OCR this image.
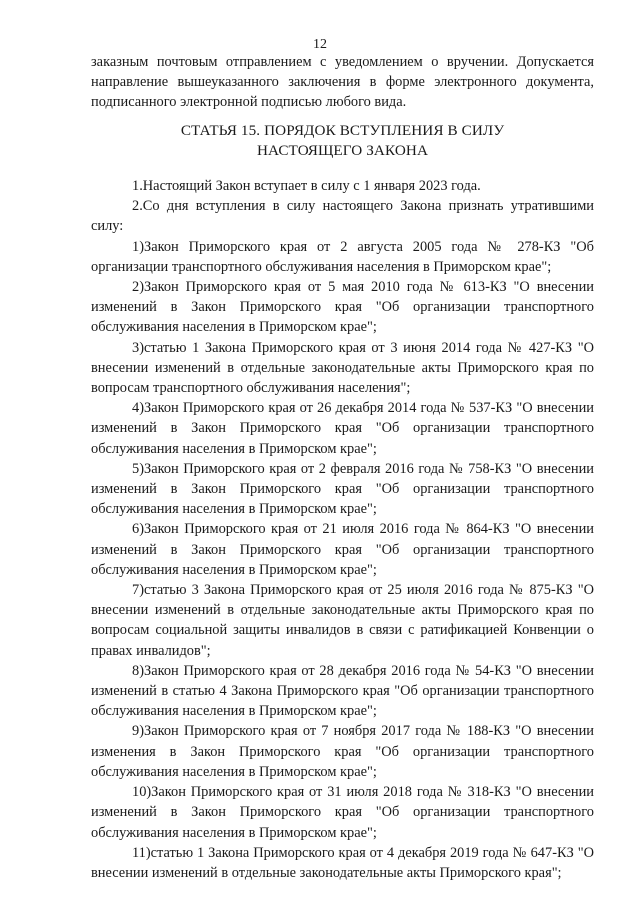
12
заказным почтовым отправлением с уведомлением о вручении. Допускается направление вышеуказанного заключения в форме электронного документа, подписанного электронной подписью любого вида.
СТАТЬЯ 15. ПОРЯДОК ВСТУПЛЕНИЯ В СИЛУ
НАСТОЯЩЕГО ЗАКОНА

1.Настоящий Закон вступает в силу с 1 января 2023 года.

2.Со дня вступления в силу настоящего Закона признать утратившими силу:

1)Закон Приморского края от 2 августа 2005 года № 278-КЗ "Об организации транспортного обслуживания населения в Приморском крае";

2)Закон Приморского края от 5 мая 2010 года № 613-КЗ "О внесении изменений в Закон Приморского края "Об организации транспортного обслуживания населения в Приморском крае";

3)статью 1 Закона Приморского края от 3 июня 2014 года № 427-КЗ "О внесении изменений в отдельные законодательные акты Приморского края по вопросам транспортного обслуживания населения";

4)Закон Приморского края от 26 декабря 2014 года № 537-КЗ "О внесении изменений в Закон Приморского края "Об организации транспортного обслуживания населения в Приморском крае";

5)Закон Приморского края от 2 февраля 2016 года № 758-КЗ "О внесении изменений в Закон Приморского края "Об организации транспортного обслуживания населения в Приморском крае";

6)Закон Приморского края от 21 июля 2016 года № 864-КЗ "О внесении изменений в Закон Приморского края "Об организации транспортного обслуживания населения в Приморском крае";

7)статью 3 Закона Приморского края от 25 июля 2016 года № 875-КЗ "О внесении изменений в отдельные законодательные акты Приморского края по вопросам социальной защиты инвалидов в связи с ратификацией Конвенции о правах инвалидов";

8)Закон Приморского края от 28 декабря 2016 года № 54-КЗ "О внесении изменений в статью 4 Закона Приморского края "Об организации транспортного обслуживания населения в Приморском крае";

9)Закон Приморского края от 7 ноября 2017 года № 188-КЗ "О внесении изменения в Закон Приморского края "Об организации транспортного обслуживания населения в Приморском крае";

10)Закон Приморского края от 31 июля 2018 года № 318-КЗ "О внесении изменений в Закон Приморского края "Об организации транспортного обслуживания населения в Приморском крае";

11)статью 1 Закона Приморского края от 4 декабря 2019 года № 647-КЗ "О внесении изменений в отдельные законодательные акты Приморского края";
